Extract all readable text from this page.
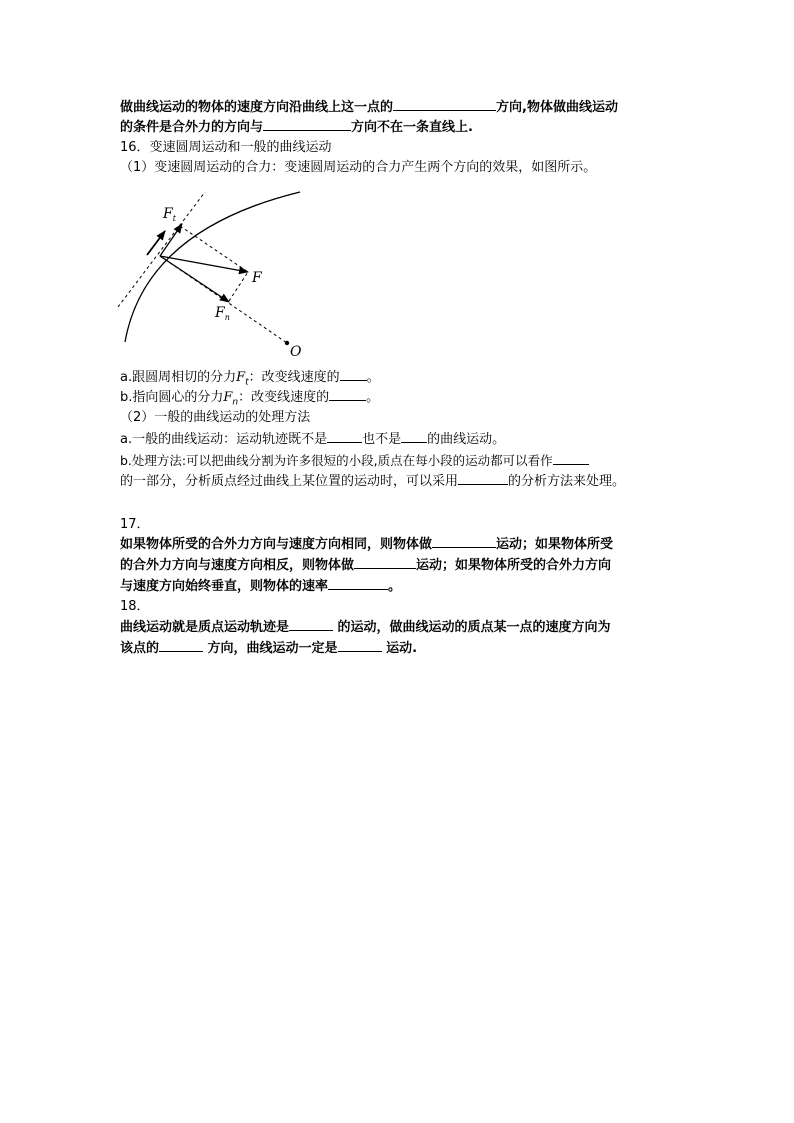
做曲线运动的物体的速度方向沿曲线上这一点的	方向,物体做曲线运动
的条件是合外力的方向与	方向不在一条直线上.
16．变速圆周运动和一般的曲线运动
（1）变速圆周运动的合力：变速圆周运动的合力产生两个方向的效果，如图所示。
$F_t$
F
$F_n$
O
a.跟圆周相切的分力$F_t$：改变线速度的 。
b.指向圆心的分力$F_n$：改变线速度的	。
（2）一般的曲线运动的处理方法
a.一般的曲线运动：运动轨迹既不是	也不是 的曲线运动。
b.处理方法:可以把曲线分割为许多很短的小段,质点在每小段的运动都可以看作
的一部分，分析质点经过曲线上某位置的运动时，可以采用	的分析方法来处理。
17．
如果物体所受的合外力方向与速度方向相同，则物体做	运动；如果物体所受
的合外力方向与速度方向相反，则物体做	运动；如果物体所受的合外力方向
与速度方向始终垂直，则物体的速率	。
18．
曲线运动就是质点运动轨迹是	的运动，做曲线运动的质点某一点的速度方向为
该点的	方向，曲线运动一定是	运动.
